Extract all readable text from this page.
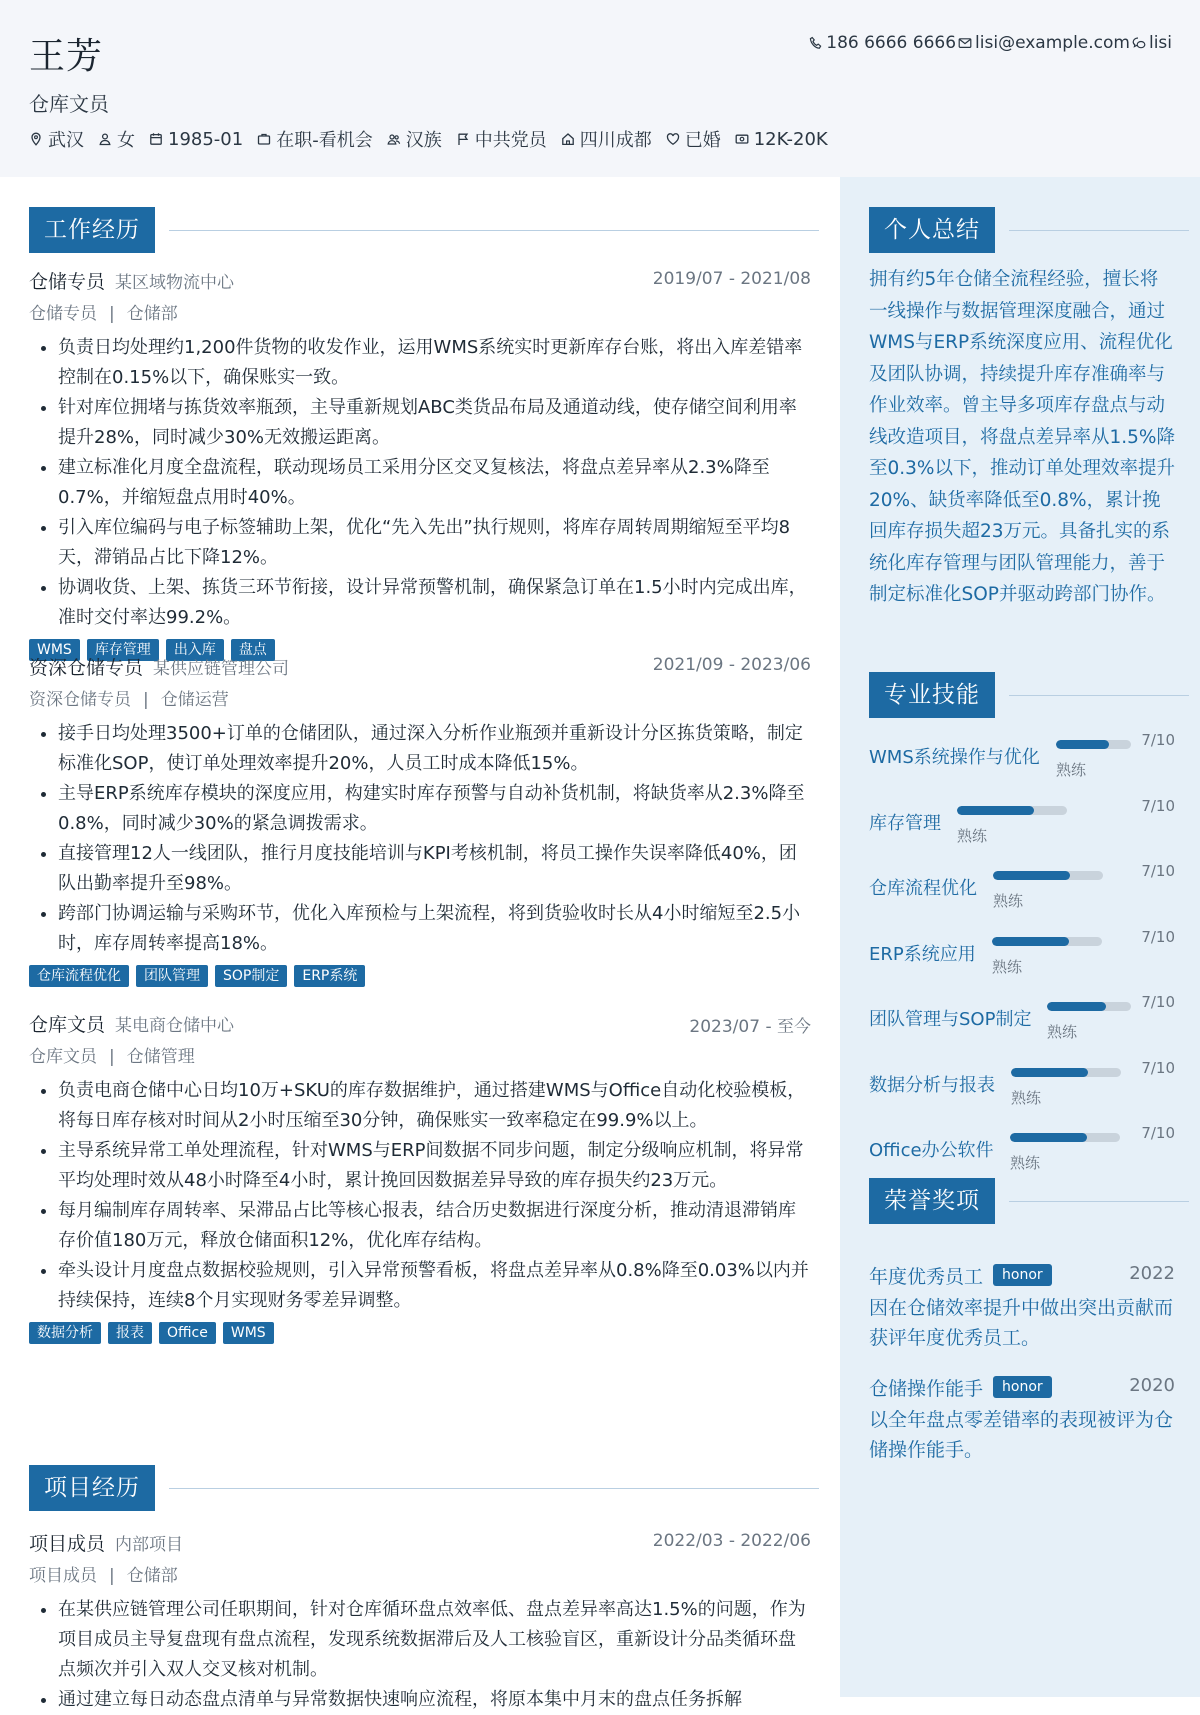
王芳
仓库文员
武汉 女 1985-01 在职-看机会 汉族 中共党员 四川成都 已婚 12K-20K
186 6666 6666 lisi@example.com lisi
个人总结
拥有约5年仓储全流程经验，擅长将一线操作与数据管理深度融合，通过WMS与ERP系统深度应用、流程优化及团队协调，持续提升库存准确率与作业效率。曾主导多项库存盘点与动线改造项目，将盘点差异率从1.5%降至0.3%以下，推动订单处理效率提升20%、缺货率降低至0.8%，累计挽回库存损失超23万元。具备扎实的系统化库存管理与团队管理能力，善于制定标准化SOP并驱动跨部门协作。
专业技能
WMS系统操作与优化
7/10
熟练
库存管理
7/10
熟练
仓库流程优化
7/10
熟练
ERP系统应用
7/10
熟练
团队管理与SOP制定
7/10
熟练
数据分析与报表
7/10
熟练
Office办公软件
7/10
熟练
荣誉奖项
年度优秀员工	honor	2022
因在仓储效率提升中做出突出贡献而获评年度优秀员工。
仓储操作能手	honor	2020
以全年盘点零差错率的表现被评为仓储操作能手。
工作经历
仓储专员 某区域物流中心	2019/07 - 2021/08
仓储专员 | 仓储部
• 负责日均处理约1,200件货物的收发作业，运用WMS系统实时更新库存台账，将出入库差错率控制在0.15%以下，确保账实一致。
• 针对库位拥堵与拣货效率瓶颈，主导重新规划ABC类货品布局及通道动线，使存储空间利用率提升28%，同时减少30%无效搬运距离。
• 建立标准化月度全盘流程，联动现场员工采用分区交叉复核法，将盘点差异率从2.3%降至0.7%，并缩短盘点用时40%。
• 引入库位编码与电子标签辅助上架，优化“先入先出”执行规则，将库存周转周期缩短至平均8天，滞销品占比下降12%。
• 协调收货、上架、拣货三环节衔接，设计异常预警机制，确保紧急订单在1.5小时内完成出库，准时交付率达99.2%。
WMS	库存管理	出入库	盘点
资深仓储专员 某供应链管理公司	2021/09 - 2023/06
资深仓储专员 | 仓储运营
• 接手日均处理3500+订单的仓储团队，通过深入分析作业瓶颈并重新设计分区拣货策略，制定标准化SOP，使订单处理效率提升20%，人员工时成本降低15%。
• 主导ERP系统库存模块的深度应用，构建实时库存预警与自动补货机制，将缺货率从2.3%降至0.8%，同时减少30%的紧急调拨需求。
• 直接管理12人一线团队，推行月度技能培训与KPI考核机制，将员工操作失误率降低40%，团队出勤率提升至98%。
• 跨部门协调运输与采购环节，优化入库预检与上架流程，将到货验收时长从4小时缩短至2.5小时，库存周转率提高18%。
仓库流程优化	团队管理	SOP制定	ERP系统
仓库文员 某电商仓储中心	2023/07 - 至今
仓库文员 | 仓储管理
• 负责电商仓储中心日均10万+SKU的库存数据维护，通过搭建WMS与Office自动化校验模板，将每日库存核对时间从2小时压缩至30分钟，确保账实一致率稳定在99.9%以上。
• 主导系统异常工单处理流程，针对WMS与ERP间数据不同步问题，制定分级响应机制，将异常平均处理时效从48小时降至4小时，累计挽回因数据差异导致的库存损失约23万元。
• 每月编制库存周转率、呆滞品占比等核心报表，结合历史数据进行深度分析，推动清退滞销库存价值180万元，释放仓储面积12%，优化库存结构。
• 牵头设计月度盘点数据校验规则，引入异常预警看板，将盘点差异率从0.8%降至0.03%以内并持续保持，连续8个月实现财务零差异调整。
数据分析	报表	Office	WMS
项目经历
项目成员 内部项目	2022/03 - 2022/06
项目成员 | 仓储部
• 在某供应链管理公司任职期间，针对仓库循环盘点效率低、盘点差异率高达1.5%的问题，作为项目成员主导复盘现有盘点流程，发现系统数据滞后及人工核验盲区，重新设计分品类循环盘点频次并引入双人交叉核对机制。
• 通过建立每日动态盘点清单与异常数据快速响应流程，将原本集中月末的盘点任务拆解
